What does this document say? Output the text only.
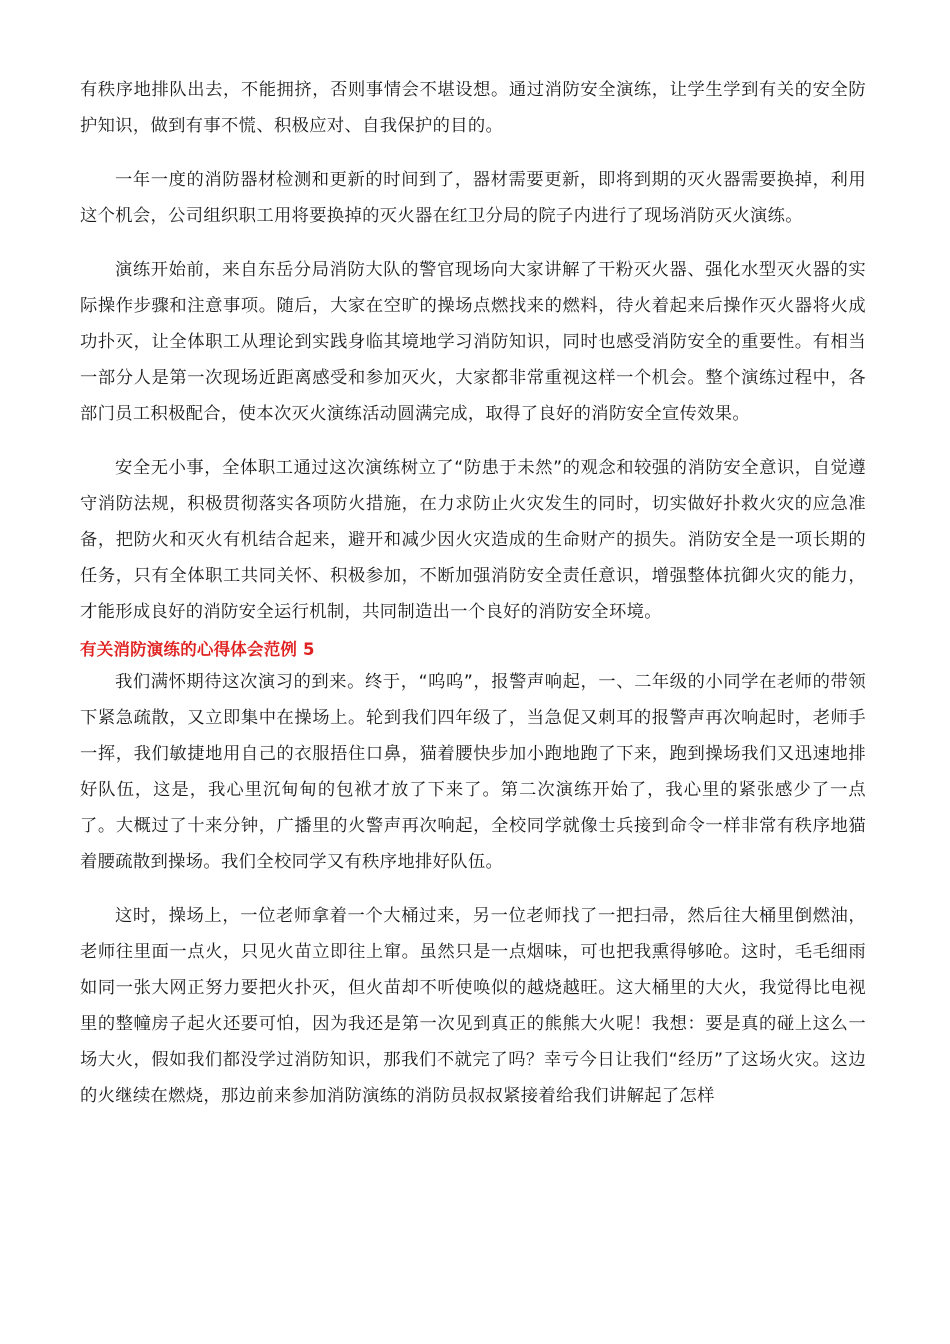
有秩序地排队出去，不能拥挤，否则事情会不堪设想。通过消防安全演练，让学生学到有关的安全防护知识，做到有事不慌、积极应对、自我保护的目的。

一年一度的消防器材检测和更新的时间到了，器材需要更新，即将到期的灭火器需要换掉，利用这个机会，公司组织职工用将要换掉的灭火器在红卫分局的院子内进行了现场消防灭火演练。

演练开始前，来自东岳分局消防大队的警官现场向大家讲解了干粉灭火器、强化水型灭火器的实际操作步骤和注意事项。随后，大家在空旷的操场点燃找来的燃料，待火着起来后操作灭火器将火成功扑灭，让全体职工从理论到实践身临其境地学习消防知识，同时也感受消防安全的重要性。有相当一部分人是第一次现场近距离感受和参加灭火，大家都非常重视这样一个机会。整个演练过程中，各部门员工积极配合，使本次灭火演练活动圆满完成，取得了良好的消防安全宣传效果。

安全无小事，全体职工通过这次演练树立了“防患于未然”的观念和较强的消防安全意识，自觉遵守消防法规，积极贯彻落实各项防火措施，在力求防止火灾发生的同时，切实做好扑救火灾的应急准备，把防火和灭火有机结合起来，避开和减少因火灾造成的生命财产的损失。消防安全是一项长期的任务，只有全体职工共同关怀、积极参加，不断加强消防安全责任意识，增强整体抗御火灾的能力，才能形成良好的消防安全运行机制，共同制造出一个良好的消防安全环境。

有关消防演练的心得体会范例 5

我们满怀期待这次演习的到来。终于，“呜呜”，报警声响起，一、二年级的小同学在老师的带领下紧急疏散，又立即集中在操场上。轮到我们四年级了，当急促又刺耳的报警声再次响起时，老师手一挥，我们敏捷地用自己的衣服捂住口鼻，猫着腰快步加小跑地跑了下来，跑到操场我们又迅速地排好队伍，这是，我心里沉甸甸的包袱才放了下来了。第二次演练开始了，我心里的紧张感少了一点了。大概过了十来分钟，广播里的火警声再次响起，全校同学就像士兵接到命令一样非常有秩序地猫着腰疏散到操场。我们全校同学又有秩序地排好队伍。

这时，操场上，一位老师拿着一个大桶过来，另一位老师找了一把扫帚，然后往大桶里倒燃油，老师往里面一点火，只见火苗立即往上窜。虽然只是一点烟味，可也把我熏得够呛。这时，毛毛细雨如同一张大网正努力要把火扑灭，但火苗却不听使唤似的越烧越旺。这大桶里的大火，我觉得比电视里的整幢房子起火还要可怕，因为我还是第一次见到真正的熊熊大火呢！我想：要是真的碰上这么一场大火，假如我们都没学过消防知识，那我们不就完了吗？幸亏今日让我们“经历”了这场火灾。这边的火继续在燃烧，那边前来参加消防演练的消防员叔叔紧接着给我们讲解起了怎样
